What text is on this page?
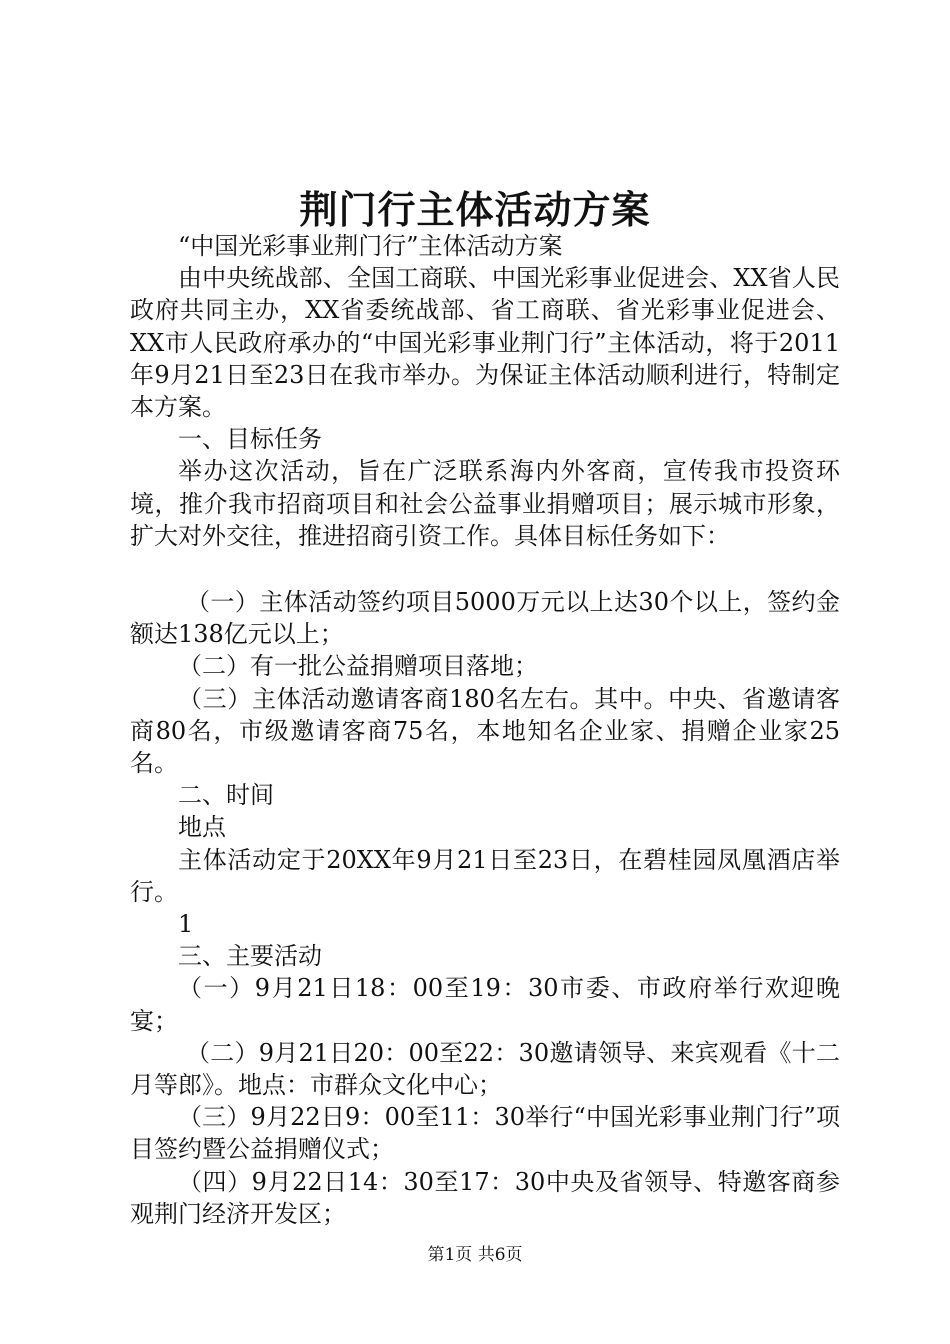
荆门行主体活动方案

“中国光彩事业荆门行”主体活动方案

由中央统战部、全国工商联、中国光彩事业促进会、XX省人民政府共同主办，XX省委统战部、省工商联、省光彩事业促进会、XX市人民政府承办的“中国光彩事业荆门行”主体活动，将于2011年9月21日至23日在我市举办。为保证主体活动顺利进行，特制定本方案。

一、目标任务

举办这次活动，旨在广泛联系海内外客商，宣传我市投资环境，推介我市招商项目和社会公益事业捐赠项目；展示城市形象，扩大对外交往，推进招商引资工作。具体目标任务如下：

（一）主体活动签约项目5000万元以上达30个以上，签约金额达138亿元以上；

（二）有一批公益捐赠项目落地；

（三）主体活动邀请客商180名左右。其中。中央、省邀请客商80名，市级邀请客商75名，本地知名企业家、捐赠企业家25名。

二、时间

地点

主体活动定于20XX年9月21日至23日，在碧桂园凤凰酒店举行。

1

三、主要活动

（一）9月21日18：00至19：30市委、市政府举行欢迎晚宴；

（二）9月21日20：00至22：30邀请领导、来宾观看《十二月等郎》。地点：市群众文化中心；

（三）9月22日9：00至11：30举行“中国光彩事业荆门行”项目签约暨公益捐赠仪式；

（四）9月22日14：30至17：30中央及省领导、特邀客商参观荆门经济开发区；

第1页 共6页
